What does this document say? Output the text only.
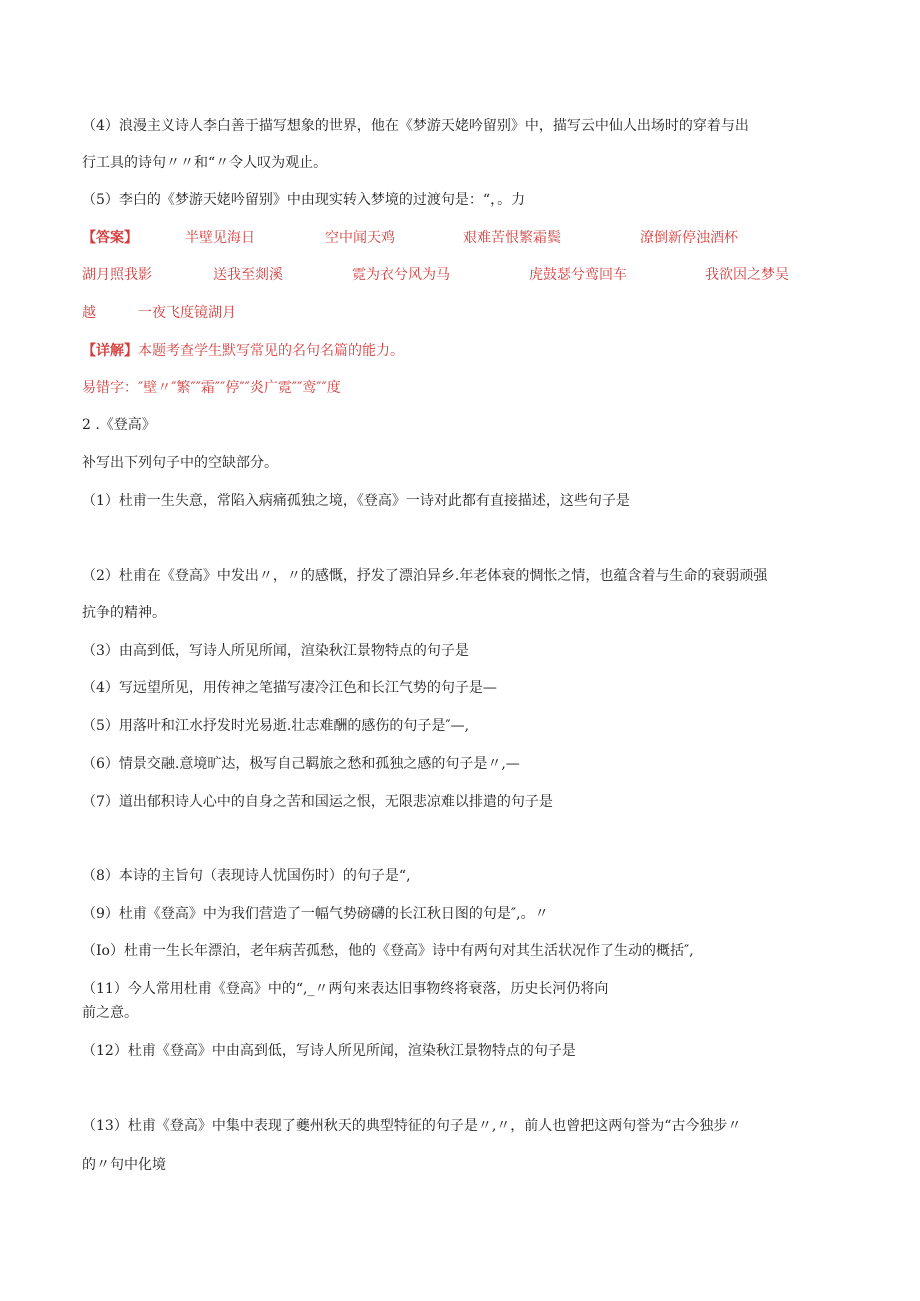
（4）浪漫主义诗人李白善于描写想象的世界，他在《梦游天姥吟留别》中，描写云中仙人出场时的穿着与出
行工具的诗句〃〃和“〃令人叹为观止。
（5）李白的《梦游天姥吟留别》中由现实转入梦境的过渡句是：“，。力
【答案】	半壁见海日	空中闻天鸡	艰难苦恨繁霜鬓	潦倒新停浊酒杯
湖月照我影	送我至剡溪	霓为衣兮风为马	虎鼓瑟兮鸾回车	我欲因之梦吴
越	一夜飞度镜湖月
【详解】本题考查学生默写常见的名句名篇的能力。
易错字：″壁〃″繁″″霜″″停″″炎广霓″″鸾″″度
2 .《登高》
补写出下列句子中的空缺部分。
（1）杜甫一生失意，常陷入病痛孤独之境，《登高》一诗对此都有直接描述，这些句子是
（2）杜甫在《登高》中发出〃，〃的感慨，抒发了漂泊异乡.年老体衰的惆怅之情，也蕴含着与生命的衰弱顽强
抗争的精神。
（3）由高到低，写诗人所见所闻，渲染秋江景物特点的句子是
（4）写远望所见，用传神之笔描写凄冷江色和长江气势的句子是—
（5）用落叶和江水抒发时光易逝.壮志难酬的感伤的句子是″—,
（6）情景交融.意境旷达，极写自己羁旅之愁和孤独之感的句子是〃,—
（7）道出郁积诗人心中的自身之苦和国运之恨，无限悲凉难以排遣的句子是
（8）本诗的主旨句（表现诗人忧国伤时）的句子是“,
（9）杜甫《登高》中为我们营造了一幅气势磅礴的长江秋日图的句是″,。〃
（Io）杜甫一生长年漂泊，老年病苦孤愁，他的《登高》诗中有两句对其生活状况作了生动的概括″,
（11）今人常用杜甫《登高》中的“,_〃两句来表达旧事物终将衰落，历史长河仍将向
前之意。
（12）杜甫《登高》中由高到低，写诗人所见所闻，渲染秋江景物特点的句子是
（13）杜甫《登高》中集中表现了夔州秋天的典型特征的句子是〃,〃，前人也曾把这两句誉为“古今独步〃
的〃句中化境
